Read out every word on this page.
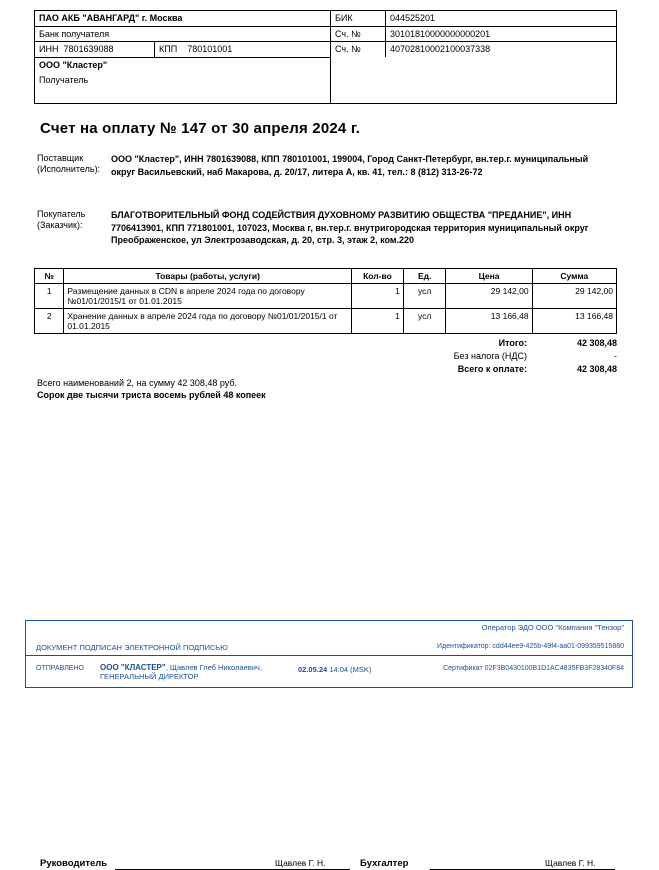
ПАО АКБ "АВАНГАРД" г. Москва
Банк получателя
ИНН 7801639088	КПП 780101001
ООО "Кластер"
Получатель
БИК	044525201
Сч. №	30101810000000000201
Сч. №	40702810002100037338

Счет на оплату № 147 от 30 апреля 2024 г.
Поставщик
(Исполнитель):
ООО "Кластер", ИНН 7801639088, КПП 780101001, 199004, Город Санкт-Петербург, вн.тер.г. муниципальный округ Васильевский, наб Макарова, д. 20/17, литера А, кв. 41, тел.: 8 (812) 313-26-72
Покупатель
(Заказчик):
БЛАГОТВОРИТЕЛЬНЫЙ ФОНД СОДЕЙСТВИЯ ДУХОВНОМУ РАЗВИТИЮ ОБЩЕСТВА "ПРЕДАНИЕ", ИНН 7706413901, КПП 771801001, 107023, Москва г, вн.тер.г. внутригородская территория муниципальный округ Преображенское, ул Электрозаводская, д. 20, стр. 3, этаж 2, ком.220
№	Товары (работы, услуги)	Кол-во	Ед.	Цена	Сумма
1	Размещение данных в CDN в апреле 2024 года по договору №01/01/2015/1 от 01.01.2015	1	усл	29 142,00	29 142,00
2	Хранение данных в апреле 2024 года по договору №01/01/2015/1 от 01.01.2015	1	усл	13 166,48	13 166,48
Итого:	42 308,48
Без налога (НДС)	-
Всего к оплате:	42 308,48
Всего наименований 2, на сумму 42 308,48 руб.
Сорок две тысячи триста восемь рублей 48 копеек
Руководитель	Щавлев Г. Н.	Бухгалтер	Щавлев Г. Н.
Оператор ЭДО ООО "Компания "Тензор"
ДОКУМЕНТ ПОДПИСАН ЭЛЕКТРОННОЙ ПОДПИСЬЮ	Идентификатор: cdd44ee9-425b-49f4-aa01-099359515880
ОТПРАВЛЕНО ООО "КЛАСТЕР", Щавлев Глеб Николаевич, ГЕНЕРАЛЬНЫЙ ДИРЕКТОР
02.05.24 14:04 (MSK)	Сертификат 02F3B0430100B1D1AC4835FB3F28340F84
